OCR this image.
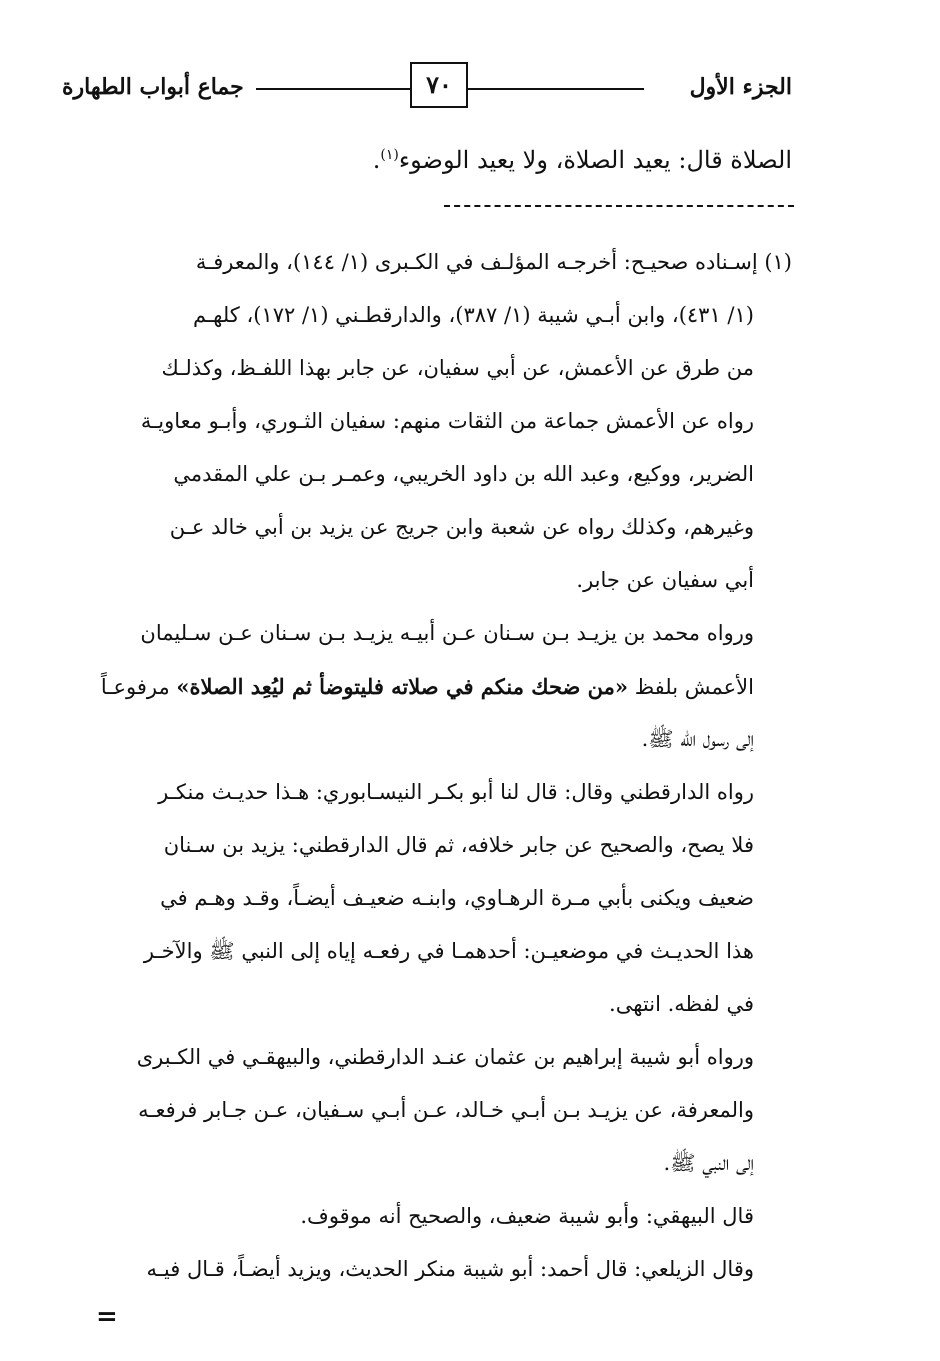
الجزء الأول
٧٠
جماع أبواب الطهارة
الصلاة قال: يعيد الصلاة، ولا يعيد الوضوء$^{(١)}$.
(١) إسـناده صحيـح: أخرجـه المؤلـف في الكـبرى (١/ ١٤٤)، والمعرفـة
(١/ ٤٣١)، وابن أبـي شيبة (١/ ٣٨٧)، والدارقطـني (١/ ١٧٢)، كلهـم
من طرق عن الأعمش، عن أبي سفيان، عن جابر بهذا اللفـظ، وكذلـك
رواه عن الأعمش جماعة من الثقات منهم: سفيان الثـوري، وأبـو معاويـة
الضرير، ووكيع، وعبد الله بن داود الخريبي، وعمـر بـن علي المقدمي
وغيرهم، وكذلك رواه عن شعبة وابن جريج عن يزيد بن أبي خالد عـن
أبي سفيان عن جابر.
ورواه محمد بن يزيـد بـن سـنان عـن أبيـه يزيـد بـن سـنان عـن سـليمان
الأعمش بلفظ «من ضحك منكم في صلاته فليتوضأ ثم ليُعِد الصلاة» مرفوعـاً
إلى رسول الله ﷺ.
رواه الدارقطني وقال: قال لنا أبو بكـر النيسـابوري: هـذا حديـث منكـر
فلا يصح، والصحيح عن جابر خلافه، ثم قال الدارقطني: يزيد بن سـنان
ضعيف ويكنى بأبي مـرة الرهـاوي، وابنـه ضعيـف أيضـاً، وقـد وهـم في
هذا الحديـث في موضعيـن: أحدهمـا في رفعـه إياه إلى النبي ﷺ والآخـر
في لفظه. انتهى.
ورواه أبو شيبة إبراهيم بن عثمان عنـد الدارقطني، والبيهقـي في الكـبرى
والمعرفة، عن يزيـد بـن أبـي خـالد، عـن أبـي سـفيان، عـن جـابر فرفعـه
إلى النبي ﷺ.
قال البيهقي: وأبو شيبة ضعيف، والصحيح أنه موقوف.
وقال الزيلعي: قال أحمد: أبو شيبة منكر الحديث، ويزيد أيضـاً، قـال فيـه
=
